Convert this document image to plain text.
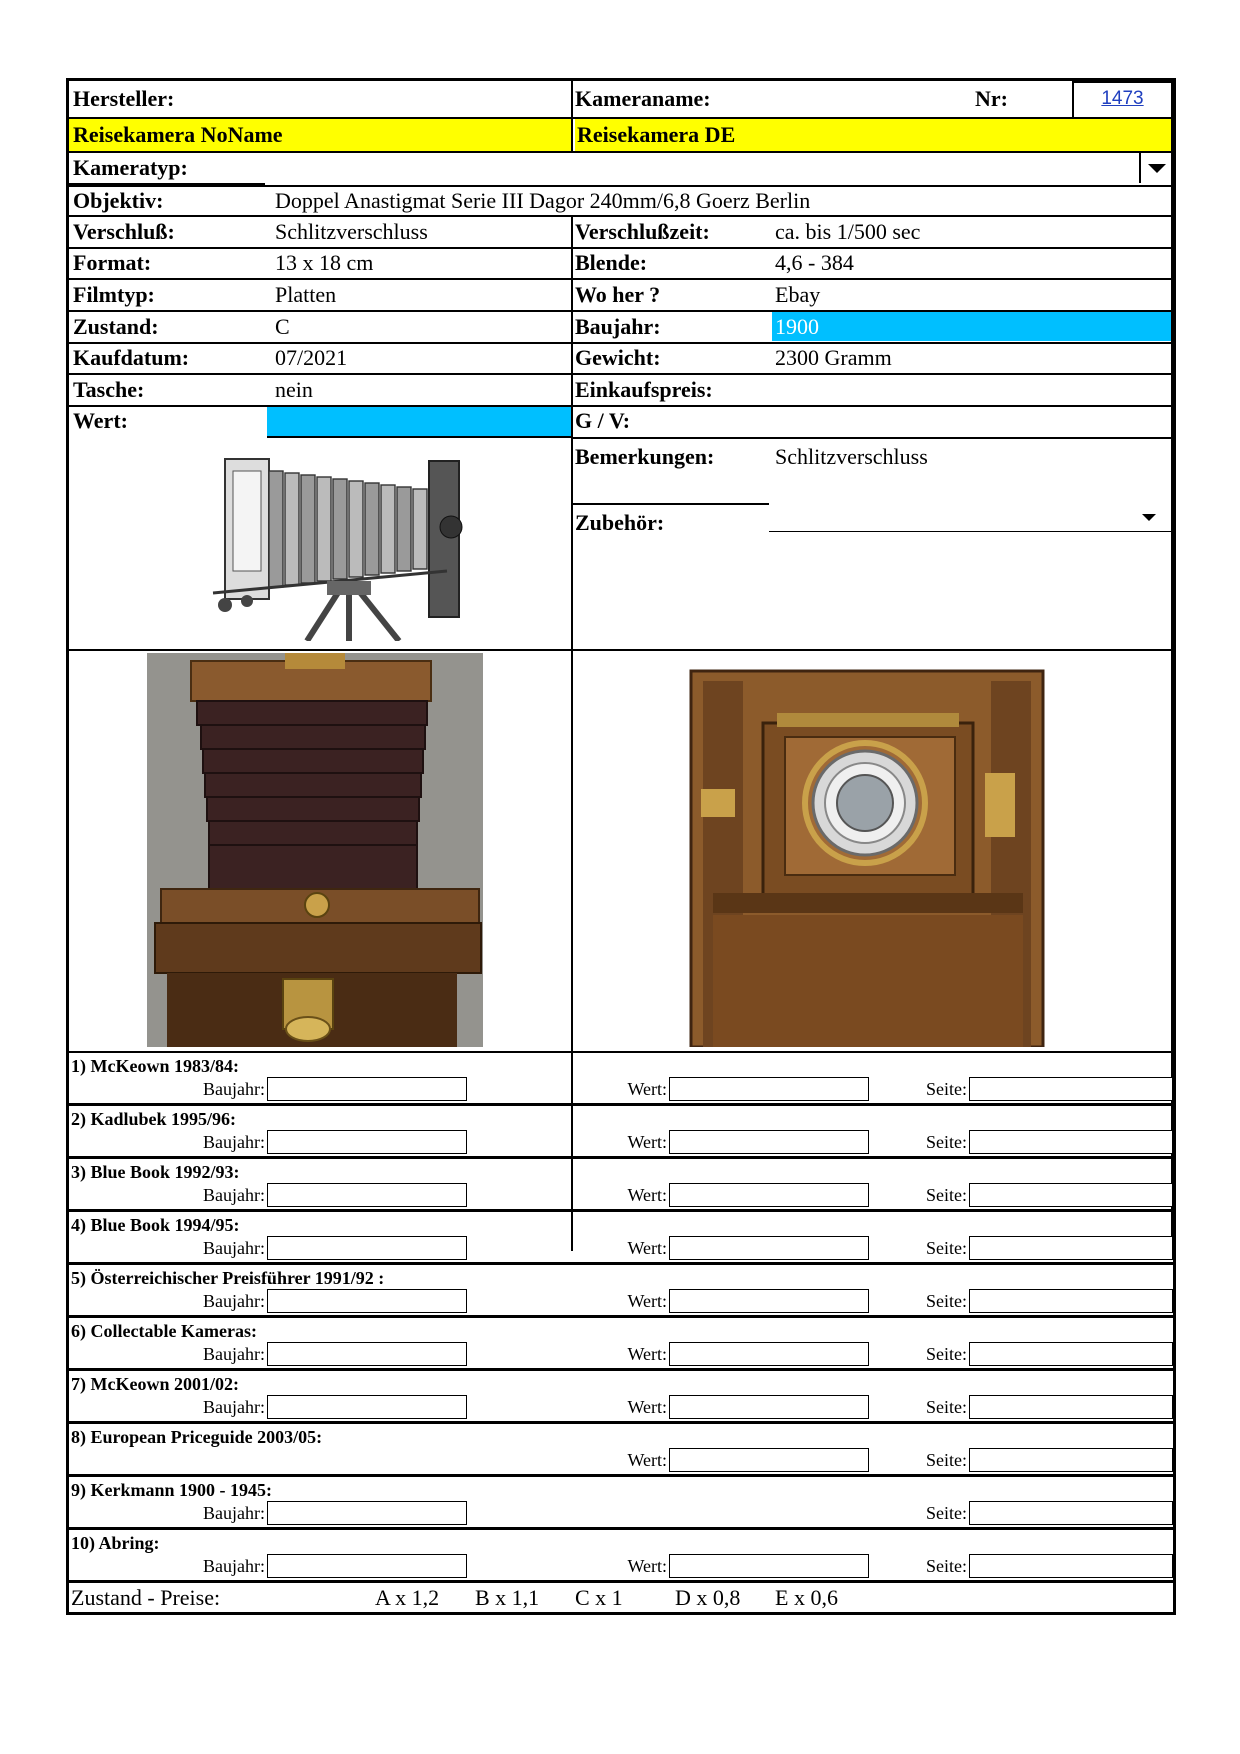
Hersteller:	Kameraname:	Nr:	1473
Reisekamera NoName	Reisekamera DE
Kameratyp:
Objektiv:	Doppel Anastigmat Serie III Dagor 240mm/6,8 Goerz Berlin
Verschluß:	Schlitzverschluss	Verschlußzeit:	ca. bis 1/500 sec
Format:	13 x 18 cm	Blende:	4,6 - 384
Filmtyp:	Platten	Wo her ?	Ebay
Zustand:	C	Baujahr:	1900
Kaufdatum:	07/2021	Gewicht:	2300 Gramm
Tasche:	nein	Einkaufspreis:
Wert:	G / V:
Bemerkungen:	Schlitzverschluss
Zubehör:
1) McKeown 1983/84:
Baujahr:	Wert:	Seite:
2) Kadlubek 1995/96:
Baujahr:	Wert:	Seite:
3) Blue Book 1992/93:
Baujahr:	Wert:	Seite:
4) Blue Book 1994/95:
Baujahr:	Wert:	Seite:
5) Österreichischer Preisführer 1991/92 :
Baujahr:	Wert:	Seite:
6) Collectable Kameras:
Baujahr:	Wert:	Seite:
7) McKeown 2001/02:
Baujahr:	Wert:	Seite:
8) European Priceguide 2003/05:
Wert:	Seite:
9) Kerkmann 1900 - 1945:
Baujahr:	Seite:
10) Abring:
Baujahr:	Wert:	Seite:
Zustand - Preise:	A x 1,2 B x 1,1 C x 1 D x 0,8 E x 0,6
